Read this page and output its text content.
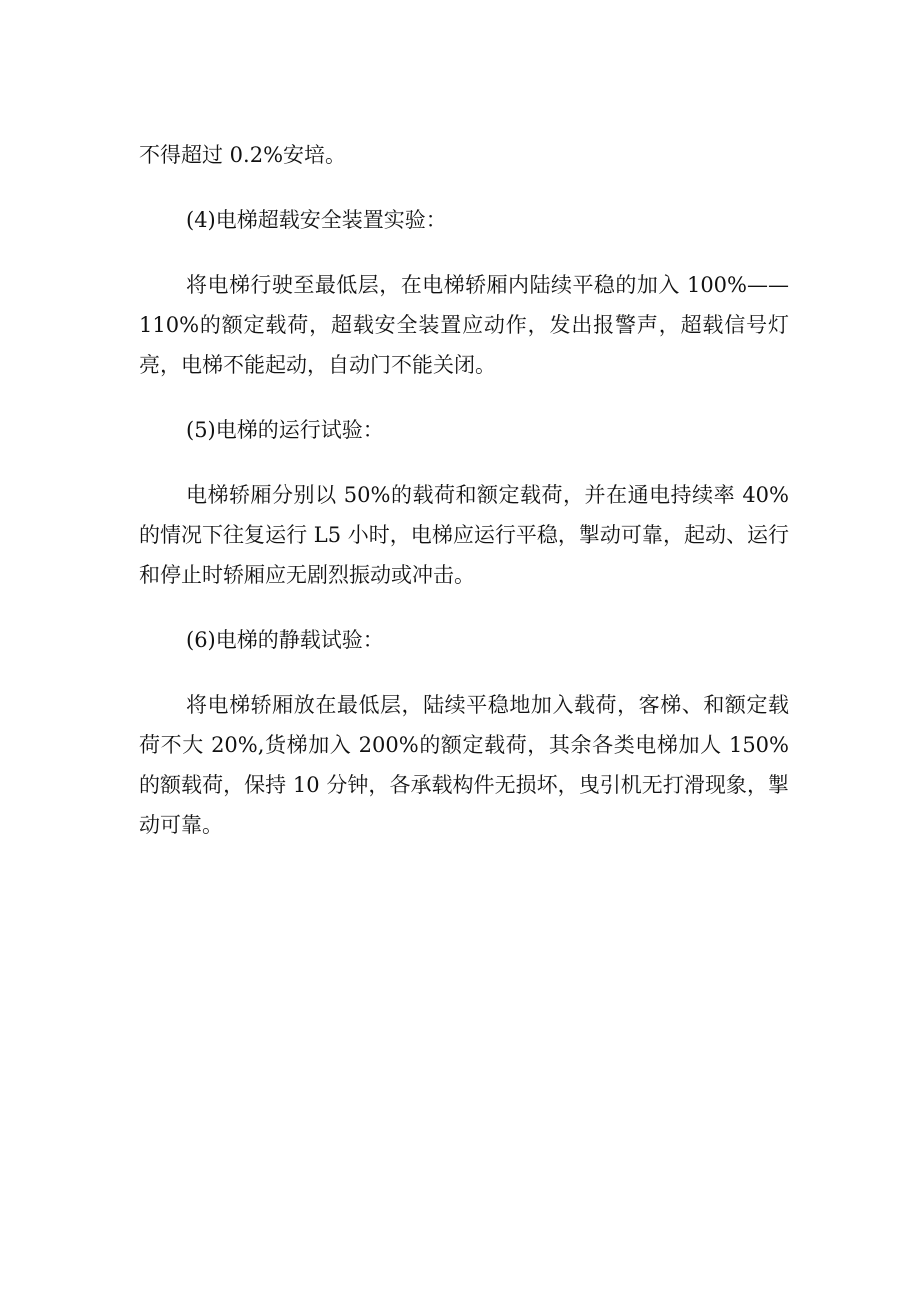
不得超过 0.2%安培。

(4)电梯超载安全装置实验：

将电梯行驶至最低层，在电梯轿厢内陆续平稳的加入 100%——110%的额定载荷，超载安全装置应动作，发出报警声，超载信号灯亮，电梯不能起动，自动门不能关闭。

(5)电梯的运行试验：

电梯轿厢分别以 50%的载荷和额定载荷，并在通电持续率 40%的情况下往复运行 L5 小时，电梯应运行平稳，掣动可靠，起动、运行和停止时轿厢应无剧烈振动或冲击。

(6)电梯的静载试验：

将电梯轿厢放在最低层，陆续平稳地加入载荷，客梯、和额定载荷不大 20%,货梯加入 200%的额定载荷，其余各类电梯加人 150%的额载荷，保持 10 分钟，各承载构件无损坏，曳引机无打滑现象，掣动可靠。
